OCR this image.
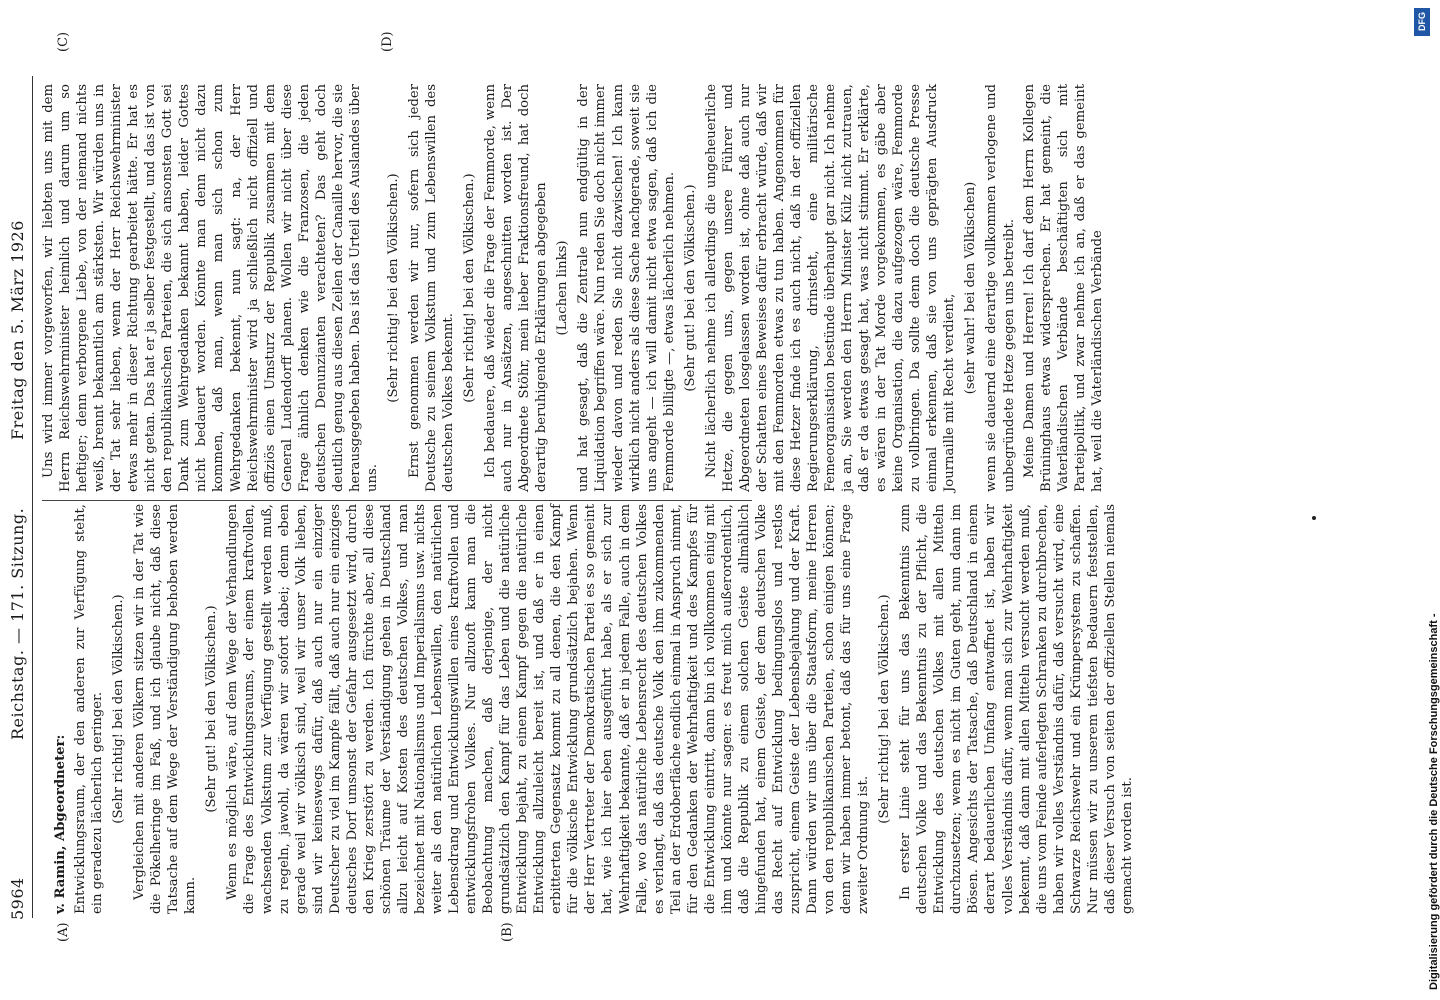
5964
Reichstag. — 171. Sitzung.
Freitag den 5. März 1926
(A)	(B)
(C)	(D)

v. Ramin, Abgeordneter: Entwicklungsraum, der den anderen zur Verfügung steht, ein geradezu lächerlich geringer. (Sehr richtig! bei den Völkischen.) Vergleichen mit anderen Völkern sitzen wir in der Tat wie die Pökelheringe im Faß, und ich glaube nicht, daß diese Tatsache auf dem Wege der Verständigung behoben werden kann.

(Sehr gut! bei den Völkischen.) Wenn es möglich wäre, auf dem Wege der Verhandlungen die Frage des Entwicklungsraums, der einem kraftvollen, wachsenden Volkstum zur Verfügung gestellt werden muß, zu regeln, jawohl, da wären wir sofort dabei; denn eben gerade weil wir völkisch sind, weil wir unser Volk lieben, sind wir keineswegs dafür, daß auch nur ein einziger Deutscher zu viel im Kampfe fällt, daß auch nur ein einziges deutsches Dorf umsonst der Gefahr ausgesetzt wird, durch den Krieg zerstört zu werden. Ich fürchte aber, all diese schönen Träume der Verständigung gehen in Deutschland allzu leicht auf Kosten des deutschen Volkes, und man bezeichnet mit Nationalismus und Imperialismus usw. nichts weiter als den natürlichen Lebenswillen, den natürlichen Lebensdrang und Entwicklungswillen eines kraftvollen und entwicklungsfrohen Volkes. Nur allzuoft kann man die Beobachtung machen, daß derjenige, der nicht grundsätzlich den Kampf für das Leben und die natürliche Entwicklung bejaht, zu einem Kampf gegen die natürliche Entwicklung allzuleicht bereit ist, und daß er in einen erbitterten Gegensatz kommt zu all denen, die den Kampf für die völkische Entwicklung grundsätzlich bejahen. Wenn der Herr Vertreter der Demokratischen Partei es so gemeint hat, wie ich hier eben ausgeführt habe, als er sich zur Wehrhaftigkeit bekannte, daß er in jedem Falle, auch in dem Falle, wo das natürliche Lebensrecht des deutschen Volkes es verlangt, daß das deutsche Volk den ihm zukommenden Teil an der Erdoberfläche endlich einmal in Anspruch nimmt, für den Gedanken der Wehrhaftigkeit und des Kampfes für die Entwicklung eintritt, dann bin ich vollkommen einig mit ihm und könnte nur sagen: es freut mich außerordentlich, daß die Republik zu einem solchen Geiste allmählich hingefunden hat, einem Geiste, der dem deutschen Volke das Recht auf Entwicklung bedingungslos und restlos zuspricht, einem Geiste der Lebensbejahung und der Kraft. Dann würden wir uns über die Staatsform, meine Herren von den republikanischen Parteien, schon einigen können; denn wir haben immer betont, daß das für uns eine Frage zweiter Ordnung ist.

(Sehr richtig! bei den Völkischen.) In erster Linie steht für uns das Bekenntnis zum deutschen Volke und das Bekenntnis zu der Pflicht, die Entwicklung des deutschen Volkes mit allen Mitteln durchzusetzen; wenn es nicht im Guten geht, nun dann im Bösen. Angesichts der Tatsache, daß Deutschland in einem derart bedauerlichen Umfang entwaffnet ist, haben wir volles Verständnis dafür, wenn man sich zur Wehrhaftigkeit bekennt, daß dann mit allen Mitteln versucht werden muß, die uns vom Feinde auferlegten Schranken zu durchbrechen, haben wir volles Verständnis dafür, daß versucht wird, eine Schwarze Reichswehr und ein Krümpersystem zu schaffen. Nur müssen wir zu unserem tiefsten Bedauern feststellen, daß dieser Versuch von seiten der offiziellen Stellen niemals gemacht worden ist.

Uns wird immer vorgeworfen, wir liebten uns mit dem Herrn Reichswehrminister heimlich und darum um so heftiger; denn verborgene Liebe, von der niemand nichts weiß, brennt bekanntlich am stärksten. Wir würden uns in der Tat sehr lieben, wenn der Herr Reichswehrminister etwas mehr in dieser Richtung gearbeitet hätte. Er hat es nicht getan. Das hat er ja selber festgestellt, und das ist von den republikanischen Parteien, die sich ansonsten Gott sei Dank zum Wehrgedanken bekannt haben, leider Gottes nicht bedauert worden. Könnte man denn nicht dazu kommen, daß man, wenn man sich schon zum Wehrgedanken bekennt, nun sagt: na, der Herr Reichswehrminister wird ja schließlich nicht offiziell und offiziös einen Umsturz der Republik zusammen mit dem General Ludendorff planen. Wollen wir nicht über diese Frage ähnlich denken wie die Franzosen, die jeden deutschen Denunzianten verachteten? Das geht doch deutlich genug aus diesen Zeilen der Canaille hervor, die sie herausgegeben haben. Das ist das Urteil des Auslandes über uns.

(Sehr richtig! bei den Völkischen.) Ernst genommen werden wir nur, sofern sich jeder Deutsche zu seinem Volkstum und zum Lebenswillen des deutschen Volkes bekennt. (Sehr richtig! bei den Völkischen.) Ich bedauere, daß wieder die Frage der Femmorde, wenn auch nur in Ansätzen, angeschnitten worden ist. Der Abgeordnete Stöhr, mein lieber Fraktionsfreund, hat doch derartig beruhigende Erklärungen abgegeben (Lachen links) und hat gesagt, daß die Zentrale nun endgültig in der Liquidation begriffen wäre. Nun reden Sie doch nicht immer wieder davon und reden Sie nicht dazwischen! Ich kann wirklich nicht anders als diese Sache nachgerade, soweit sie uns angeht — ich will damit nicht etwa sagen, daß ich die Femmorde billigte —, etwas lächerlich nehmen. (Sehr gut! bei den Völkischen.) Nicht lächerlich nehme ich allerdings die ungeheuerliche Hetze, die gegen uns, gegen unsere Führer und Abgeordneten losgelassen worden ist, ohne daß auch nur der Schatten eines Beweises dafür erbracht würde, daß wir mit den Femmorden etwas zu tun haben. Angenommen für diese Hetzer finde ich es auch nicht, daß in der offiziellen Regierungserklärung, drinsteht, eine militärische Femeorganisation bestünde überhaupt gar nicht. Ich nehme ja an, Sie werden den Herrn Minister Külz nicht zutrauen, daß er da etwas gesagt hat, was nicht stimmt. Er erklärte, es wären in der Tat Morde vorgekommen, es gäbe aber keine Organisation, die dazu aufgezogen wäre, Femmorde zu vollbringen. Da sollte denn doch die deutsche Presse einmal erkennen, daß sie von uns geprägten Ausdruck Journaille mit Recht verdient, (sehr wahr! bei den Völkischen) wenn sie dauernd eine derartige vollkommen verlogene und unbegründete Hetze gegen uns betreibt. Meine Damen und Herren! Ich darf dem Herrn Kollegen Brüninghaus etwas widersprechen. Er hat gemeint, die Vaterländischen Verbände beschäftigten sich mit Parteipolitik, und zwar nehme ich an, daß er das gemeint hat, weil die Vaterländischen Verbände

DFG
Digitalisierung gefördert durch die Deutsche Forschungsgemeinschaft -
